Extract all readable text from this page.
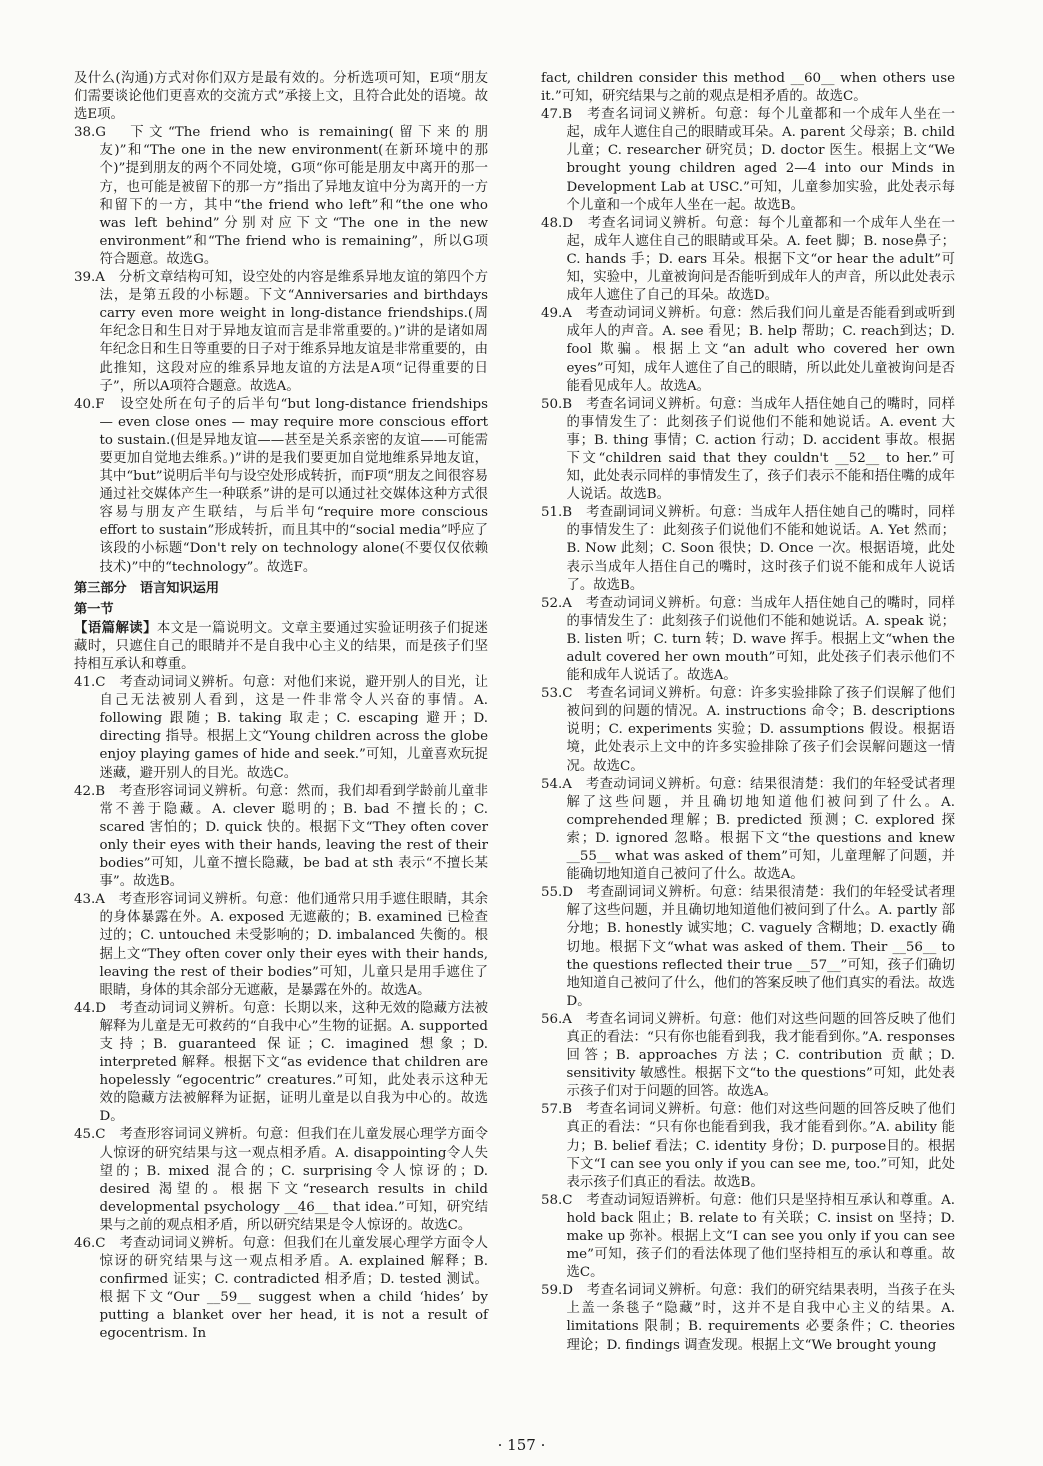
及什么(沟通)方式对你们双方是最有效的。分析选项可知，E项“朋友们需要谈论他们更喜欢的交流方式”承接上文，且符合此处的语境。故选E项。

38.G　下文“The friend who is remaining(留下来的朋友)”和“The one in the new environment(在新环境中的那个)”提到朋友的两个不同处境，G项“你可能是朋友中离开的那一方，也可能是被留下的那一方”指出了异地友谊中分为离开的一方和留下的一方，其中“the friend who left”和“the one who was left behind”分别对应下文“The one in the new environment”和“The friend who is remaining”，所以G项符合题意。故选G。

39.A　分析文章结构可知，设空处的内容是维系异地友谊的第四个方法，是第五段的小标题。下文“Anniversaries and birthdays carry even more weight in long-distance friendships.(周年纪念日和生日对于异地友谊而言是非常重要的。)”讲的是诸如周年纪念日和生日等重要的日子对于维系异地友谊是非常重要的，由此推知，这段对应的维系异地友谊的方法是A项“记得重要的日子”，所以A项符合题意。故选A。

40.F　设空处所在句子的后半句“but long-distance friendships — even close ones — may require more conscious effort to sustain.(但是异地友谊——甚至是关系亲密的友谊——可能需要更加自觉地去维系。)”讲的是我们要更加自觉地维系异地友谊，其中“but”说明后半句与设空处形成转折，而F项“朋友之间很容易通过社交媒体产生一种联系”讲的是可以通过社交媒体这种方式很容易与朋友产生联结，与后半句“require more conscious effort to sustain”形成转折，而且其中的“social media”呼应了该段的小标题“Don't rely on technology alone(不要仅仅依赖技术)”中的“technology”。故选F。

第三部分　语言知识运用

第一节

【语篇解读】本文是一篇说明文。文章主要通过实验证明孩子们捉迷藏时，只遮住自己的眼睛并不是自我中心主义的结果，而是孩子们坚持相互承认和尊重。

41.C　考查动词词义辨析。句意：对他们来说，避开别人的目光，让自己无法被别人看到，这是一件非常令人兴奋的事情。A. following 跟随；B. taking 取走；C. escaping 避开；D. directing 指导。根据上文“Young children across the globe enjoy playing games of hide and seek.”可知，儿童喜欢玩捉迷藏，避开别人的目光。故选C。

42.B　考查形容词词义辨析。句意：然而，我们却看到学龄前儿童非常不善于隐藏。A. clever 聪明的；B. bad 不擅长的；C. scared 害怕的；D. quick 快的。根据下文“They often cover only their eyes with their hands, leaving the rest of their bodies”可知，儿童不擅长隐藏，be bad at sth 表示“不擅长某事”。故选B。

43.A　考查形容词词义辨析。句意：他们通常只用手遮住眼睛，其余的身体暴露在外。A. exposed 无遮蔽的；B. examined 已检查过的；C. untouched 未受影响的；D. imbalanced 失衡的。根据上文“They often cover only their eyes with their hands, leaving the rest of their bodies”可知，儿童只是用手遮住了眼睛，身体的其余部分无遮蔽，是暴露在外的。故选A。

44.D　考查动词词义辨析。句意：长期以来，这种无效的隐藏方法被解释为儿童是无可救药的“自我中心”生物的证据。A. supported 支持；B. guaranteed 保证；C. imagined 想象；D. interpreted 解释。根据下文“as evidence that children are hopelessly “egocentric” creatures.”可知，此处表示这种无效的隐藏方法被解释为证据，证明儿童是以自我为中心的。故选D。

45.C　考查形容词词义辨析。句意：但我们在儿童发展心理学方面令人惊讶的研究结果与这一观点相矛盾。A. disappointing令人失望的；B. mixed 混合的；C. surprising令人惊讶的；D. desired 渴望的。根据下文“research results in child developmental psychology __46__ that idea.”可知，研究结果与之前的观点相矛盾，所以研究结果是令人惊讶的。故选C。

46.C　考查动词词义辨析。句意：但我们在儿童发展心理学方面令人惊讶的研究结果与这一观点相矛盾。A. explained 解释；B. confirmed 证实；C. contradicted 相矛盾；D. tested 测试。根据下文“Our __59__ suggest when a child ‘hides’ by putting a blanket over her head, it is not a result of egocentrism. In

fact, children consider this method __60__ when others use it.”可知，研究结果与之前的观点是相矛盾的。故选C。

47.B　考查名词词义辨析。句意：每个儿童都和一个成年人坐在一起，成年人遮住自己的眼睛或耳朵。A. parent 父母亲；B. child 儿童；C. researcher 研究员；D. doctor 医生。根据上文“We brought young children aged 2—4 into our Minds in Development Lab at USC.”可知，儿童参加实验，此处表示每个儿童和一个成年人坐在一起。故选B。

48.D　考查名词词义辨析。句意：每个儿童都和一个成年人坐在一起，成年人遮住自己的眼睛或耳朵。A. feet 脚；B. nose鼻子；C. hands 手；D. ears 耳朵。根据下文“or hear the adult”可知，实验中，儿童被询问是否能听到成年人的声音，所以此处表示成年人遮住了自己的耳朵。故选D。

49.A　考查动词词义辨析。句意：然后我们问儿童是否能看到或听到成年人的声音。A. see 看见；B. help 帮助；C. reach到达；D. fool 欺骗。根据上文“an adult who covered her own eyes”可知，成年人遮住了自己的眼睛，所以此处儿童被询问是否能看见成年人。故选A。

50.B　考查名词词义辨析。句意：当成年人捂住她自己的嘴时，同样的事情发生了：此刻孩子们说他们不能和她说话。A. event 大事；B. thing 事情；C. action 行动；D. accident 事故。根据下文“children said that they couldn't __52__ to her.”可知，此处表示同样的事情发生了，孩子们表示不能和捂住嘴的成年人说话。故选B。

51.B　考查副词词义辨析。句意：当成年人捂住她自己的嘴时，同样的事情发生了：此刻孩子们说他们不能和她说话。A. Yet 然而；B. Now 此刻；C. Soon 很快；D. Once 一次。根据语境，此处表示当成年人捂住自己的嘴时，这时孩子们说不能和成年人说话了。故选B。

52.A　考查动词词义辨析。句意：当成年人捂住她自己的嘴时，同样的事情发生了：此刻孩子们说他们不能和她说话。A. speak 说；B. listen 听；C. turn 转；D. wave 挥手。根据上文“when the adult covered her own mouth”可知，此处孩子们表示他们不能和成年人说话了。故选A。

53.C　考查名词词义辨析。句意：许多实验排除了孩子们误解了他们被问到的问题的情况。A. instructions 命令；B. descriptions说明；C. experiments 实验；D. assumptions 假设。根据语境，此处表示上文中的许多实验排除了孩子们会误解问题这一情况。故选C。

54.A　考查动词词义辨析。句意：结果很清楚：我们的年轻受试者理解了这些问题，并且确切地知道他们被问到了什么。A. comprehended理解；B. predicted 预测；C. explored 探索；D. ignored 忽略。根据下文“the questions and knew __55__ what was asked of them”可知，儿童理解了问题，并能确切地知道自己被问了什么。故选A。

55.D　考查副词词义辨析。句意：结果很清楚：我们的年轻受试者理解了这些问题，并且确切地知道他们被问到了什么。A. partly 部分地；B. honestly 诚实地；C. vaguely 含糊地；D. exactly 确切地。根据下文“what was asked of them. Their __56__ to the questions reflected their true __57__”可知，孩子们确切地知道自己被问了什么，他们的答案反映了他们真实的看法。故选D。

56.A　考查名词词义辨析。句意：他们对这些问题的回答反映了他们真正的看法：“只有你也能看到我，我才能看到你。”A. responses 回答；B. approaches 方法；C. contribution 贡献；D. sensitivity 敏感性。根据下文“to the questions”可知，此处表示孩子们对于问题的回答。故选A。

57.B　考查名词词义辨析。句意：他们对这些问题的回答反映了他们真正的看法：“只有你也能看到我，我才能看到你。”A. ability 能力；B. belief 看法；C. identity 身份；D. purpose目的。根据下文“I can see you only if you can see me, too.”可知，此处表示孩子们真正的看法。故选B。

58.C　考查动词短语辨析。句意：他们只是坚持相互承认和尊重。A. hold back 阻止；B. relate to 有关联；C. insist on 坚持；D. make up 弥补。根据上文“I can see you only if you can see me”可知，孩子们的看法体现了他们坚持相互的承认和尊重。故选C。

59.D　考查名词词义辨析。句意：我们的研究结果表明，当孩子在头上盖一条毯子“隐藏”时，这并不是自我中心主义的结果。A. limitations 限制；B. requirements 必要条件；C. theories 理论；D. findings 调查发现。根据上文“We brought young

· 157 ·
